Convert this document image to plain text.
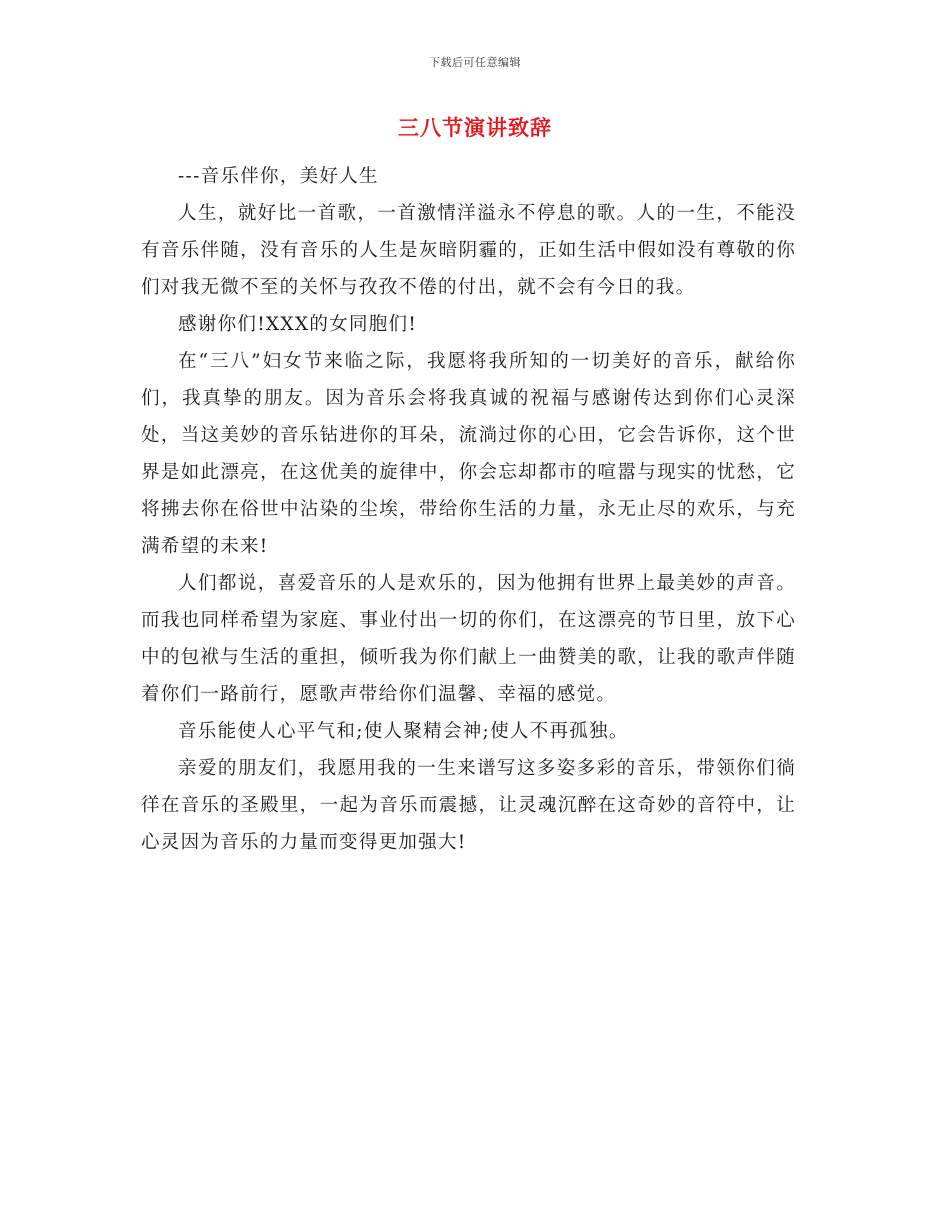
下载后可任意编辑
三八节演讲致辞

---音乐伴你，美好人生

人生，就好比一首歌，一首激情洋溢永不停息的歌。人的一生，不能没有音乐伴随，没有音乐的人生是灰暗阴霾的，正如生活中假如没有尊敬的你们对我无微不至的关怀与孜孜不倦的付出，就不会有今日的我。

感谢你们!XXX的女同胞们!

在“三八”妇女节来临之际，我愿将我所知的一切美好的音乐，献给你们，我真挚的朋友。因为音乐会将我真诚的祝福与感谢传达到你们心灵深处，当这美妙的音乐钻进你的耳朵，流淌过你的心田，它会告诉你，这个世界是如此漂亮，在这优美的旋律中，你会忘却都市的喧嚣与现实的忧愁，它将拂去你在俗世中沾染的尘埃，带给你生活的力量，永无止尽的欢乐，与充满希望的未来!

人们都说，喜爱音乐的人是欢乐的，因为他拥有世界上最美妙的声音。而我也同样希望为家庭、事业付出一切的你们，在这漂亮的节日里，放下心中的包袱与生活的重担，倾听我为你们献上一曲赞美的歌，让我的歌声伴随着你们一路前行，愿歌声带给你们温馨、幸福的感觉。

音乐能使人心平气和;使人聚精会神;使人不再孤独。

亲爱的朋友们，我愿用我的一生来谱写这多姿多彩的音乐，带领你们徜徉在音乐的圣殿里，一起为音乐而震撼，让灵魂沉醉在这奇妙的音符中，让心灵因为音乐的力量而变得更加强大!
